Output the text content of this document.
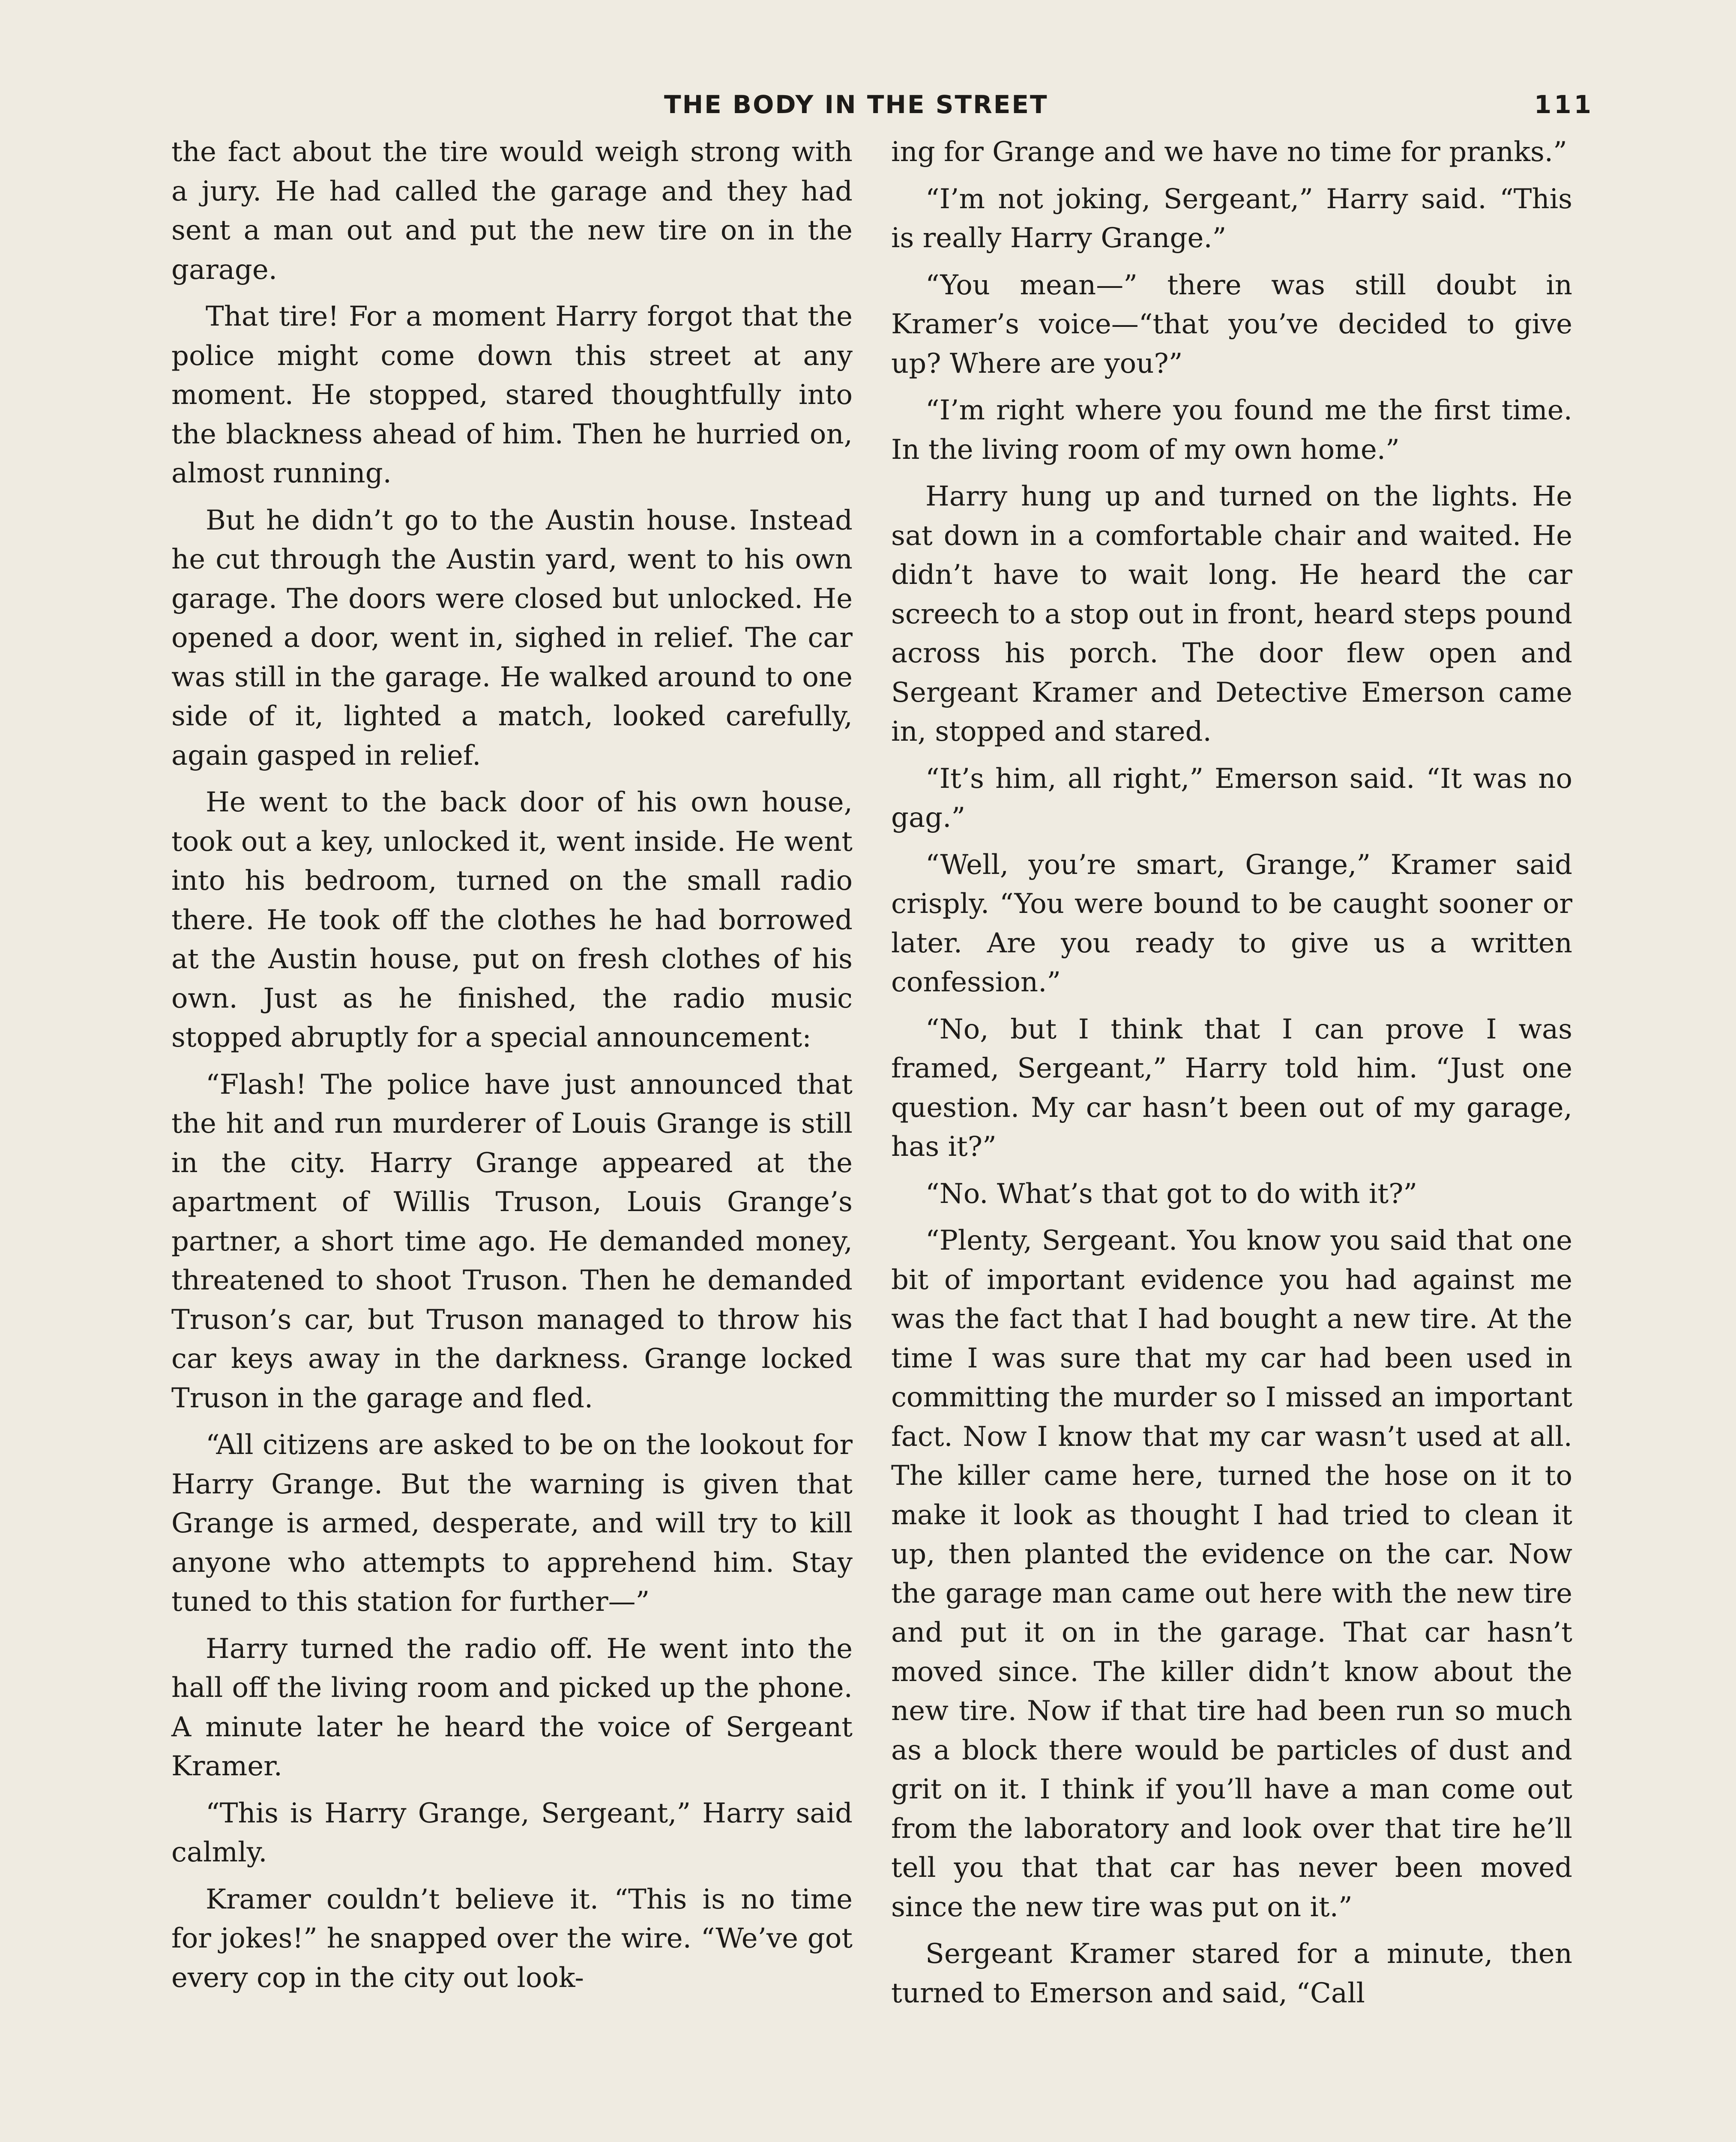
THE BODY IN THE STREET	111

the fact about the tire would weigh strong with a jury. He had called the garage and they had sent a man out and put the new tire on in the garage.

That tire! For a moment Harry forgot that the police might come down this street at any moment. He stopped, stared thoughtfully into the blackness ahead of him. Then he hurried on, almost running.

But he didn’t go to the Austin house. Instead he cut through the Austin yard, went to his own garage. The doors were closed but unlocked. He opened a door, went in, sighed in relief. The car was still in the garage. He walked around to one side of it, lighted a match, looked carefully, again gasped in relief.

He went to the back door of his own house, took out a key, unlocked it, went inside. He went into his bedroom, turned on the small radio there. He took off the clothes he had borrowed at the Austin house, put on fresh clothes of his own. Just as he finished, the radio music stopped abruptly for a special announcement:

“Flash! The police have just announced that the hit and run murderer of Louis Grange is still in the city. Harry Grange appeared at the apartment of Willis Truson, Louis Grange’s partner, a short time ago. He demanded money, threatened to shoot Truson. Then he demanded Truson’s car, but Truson managed to throw his car keys away in the darkness. Grange locked Truson in the garage and fled.

“All citizens are asked to be on the lookout for Harry Grange. But the warning is given that Grange is armed, desperate, and will try to kill anyone who attempts to apprehend him. Stay tuned to this station for further—”

Harry turned the radio off. He went into the hall off the living room and picked up the phone. A minute later he heard the voice of Sergeant Kramer.

“This is Harry Grange, Sergeant,” Harry said calmly.

Kramer couldn’t believe it. “This is no time for jokes!” he snapped over the wire. “We’ve got every cop in the city out look-

ing for Grange and we have no time for pranks.”

“I’m not joking, Sergeant,” Harry said. “This is really Harry Grange.”

“You mean—” there was still doubt in Kramer’s voice—“that you’ve decided to give up? Where are you?”

“I’m right where you found me the first time. In the living room of my own home.”

Harry hung up and turned on the lights. He sat down in a comfortable chair and waited. He didn’t have to wait long. He heard the car screech to a stop out in front, heard steps pound across his porch. The door flew open and Sergeant Kramer and Detective Emerson came in, stopped and stared.

“It’s him, all right,” Emerson said. “It was no gag.”

“Well, you’re smart, Grange,” Kramer said crisply. “You were bound to be caught sooner or later. Are you ready to give us a written confession.”

“No, but I think that I can prove I was framed, Sergeant,” Harry told him. “Just one question. My car hasn’t been out of my garage, has it?”

“No. What’s that got to do with it?”

“Plenty, Sergeant. You know you said that one bit of important evidence you had against me was the fact that I had bought a new tire. At the time I was sure that my car had been used in committing the murder so I missed an important fact. Now I know that my car wasn’t used at all. The killer came here, turned the hose on it to make it look as thought I had tried to clean it up, then planted the evidence on the car. Now the garage man came out here with the new tire and put it on in the garage. That car hasn’t moved since. The killer didn’t know about the new tire. Now if that tire had been run so much as a block there would be particles of dust and grit on it. I think if you’ll have a man come out from the laboratory and look over that tire he’ll tell you that that car has never been moved since the new tire was put on it.”

Sergeant Kramer stared for a minute, then turned to Emerson and said, “Call
